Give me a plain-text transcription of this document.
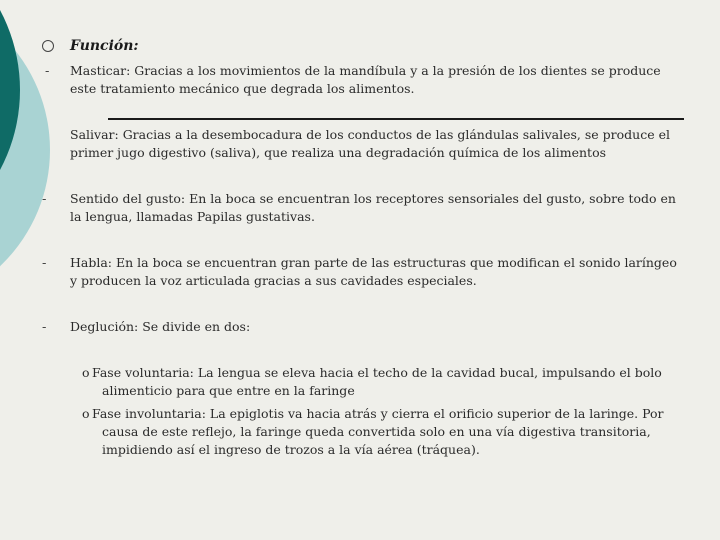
Función:
- Masticar: Gracias a los movimientos de la mandíbula y a la presión de los dientes se produce este tratamiento mecánico que degrada los alimentos.
Salivar: Gracias a la desembocadura de los conductos de las glándulas salivales, se produce el primer jugo digestivo (saliva), que realiza una degradación química de los alimentos
- Sentido del gusto: En la boca se encuentran los receptores sensoriales del gusto, sobre todo en la lengua, llamadas Papilas gustativas.
- Habla: En la boca se encuentran gran parte de las estructuras que modifican el sonido laríngeo y producen la voz articulada gracias a sus cavidades especiales.
- Deglución: Se divide en dos:
o Fase voluntaria: La lengua se eleva hacia el techo de la cavidad bucal, impulsando el bolo alimenticio para que entre en la faringe
o Fase involuntaria: La epiglotis va hacia atrás y cierra el orificio superior de la laringe. Por causa de este reflejo, la faringe queda convertida solo en una vía digestiva transitoria, impidiendo así el ingreso de trozos a la vía aérea (tráquea).
